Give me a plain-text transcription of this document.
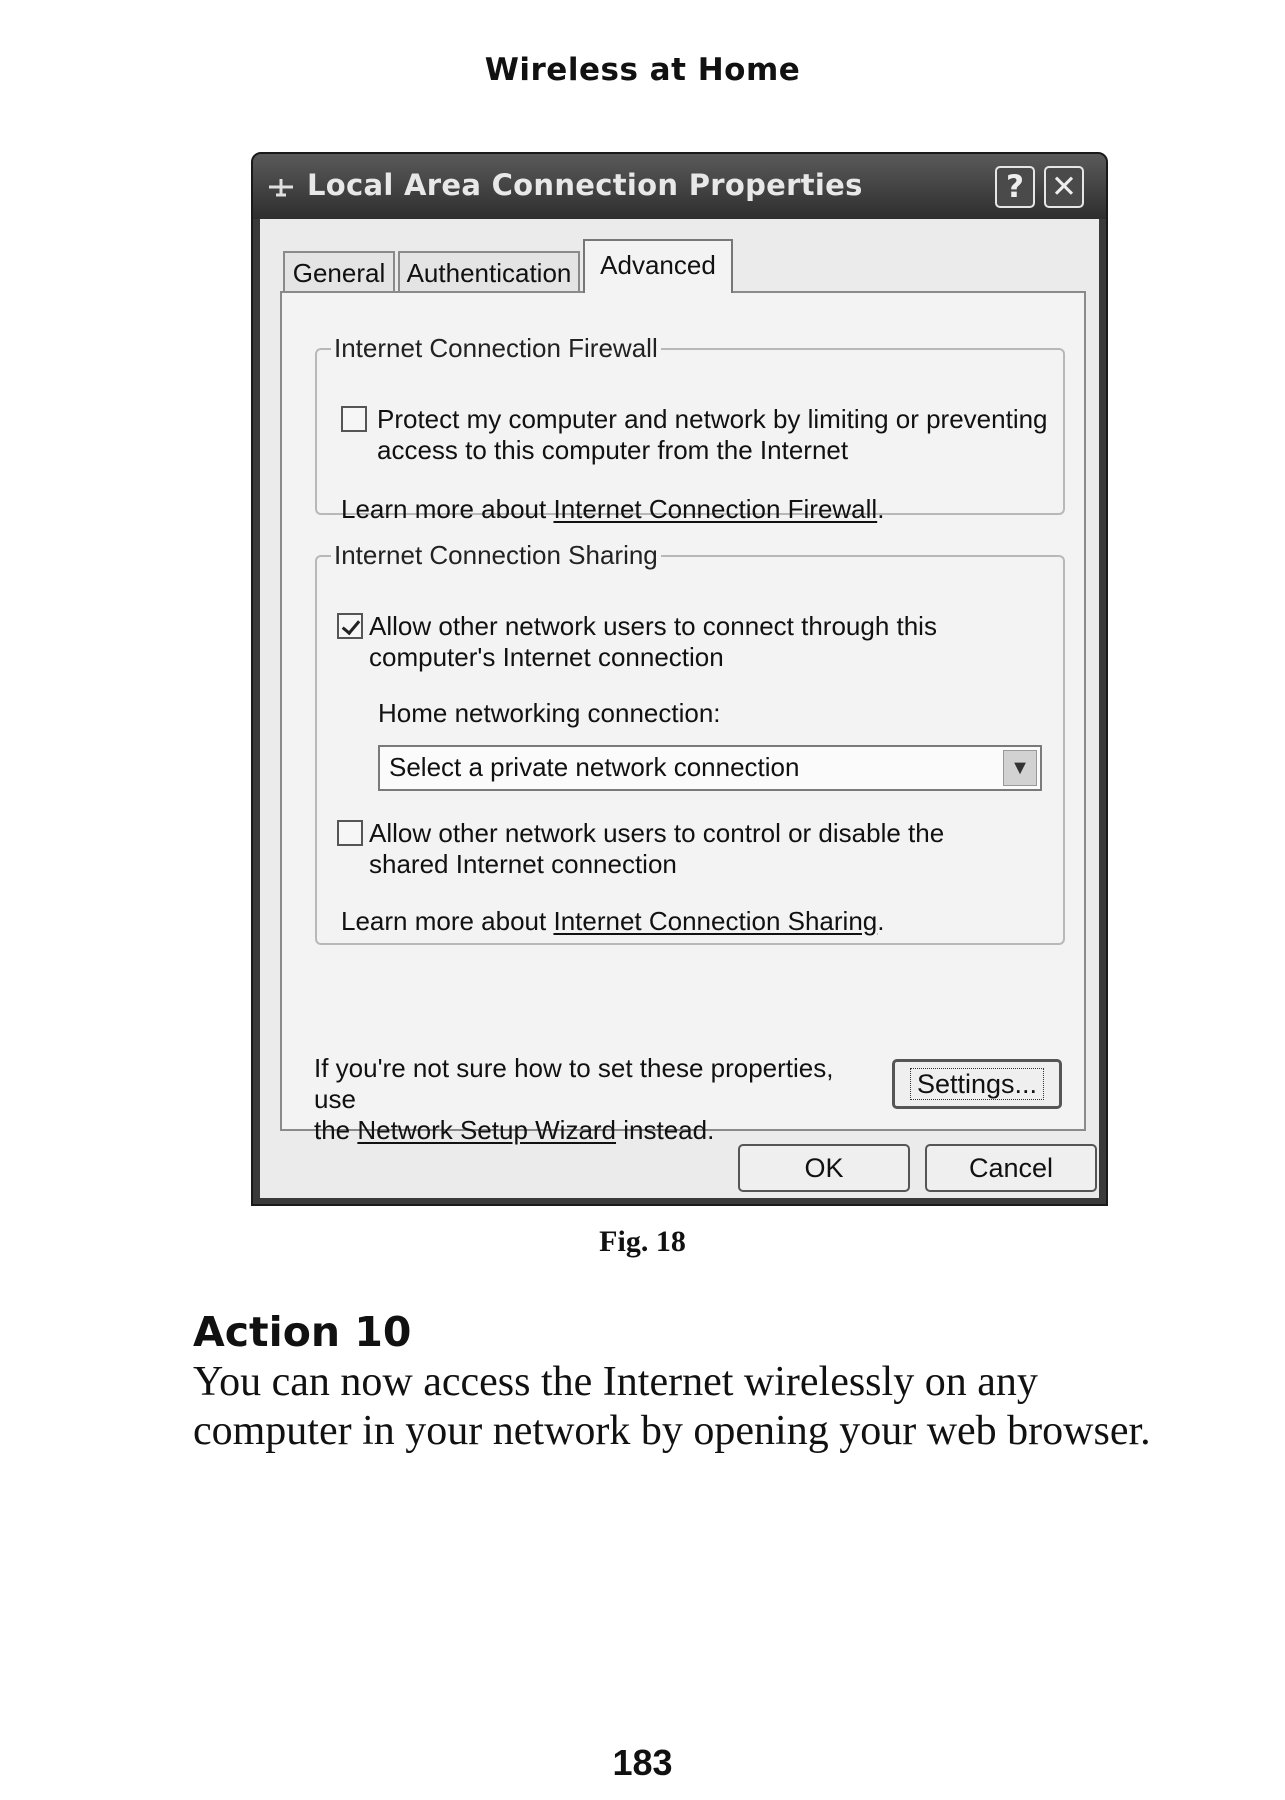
Wireless at Home
Local Area Connection Properties	? ✕
General Authentication	Advanced
Internet Connection Firewall
Protect my computer and network by limiting or preventing
access to this computer from the Internet
Learn more about Internet Connection Firewall.
Internet Connection Sharing
Allow other network users to connect through this
computer's Internet connection
Home networking connection:
Select a private network connection	▼
Allow other network users to control or disable the
shared Internet connection
Learn more about Internet Connection Sharing.
If you're not sure how to set these properties, use
the Network Setup Wizard instead.
Settings...
OK	Cancel
Fig. 18
Action 10
You can now access the Internet wirelessly on any computer in your network by opening your web browser.
183
